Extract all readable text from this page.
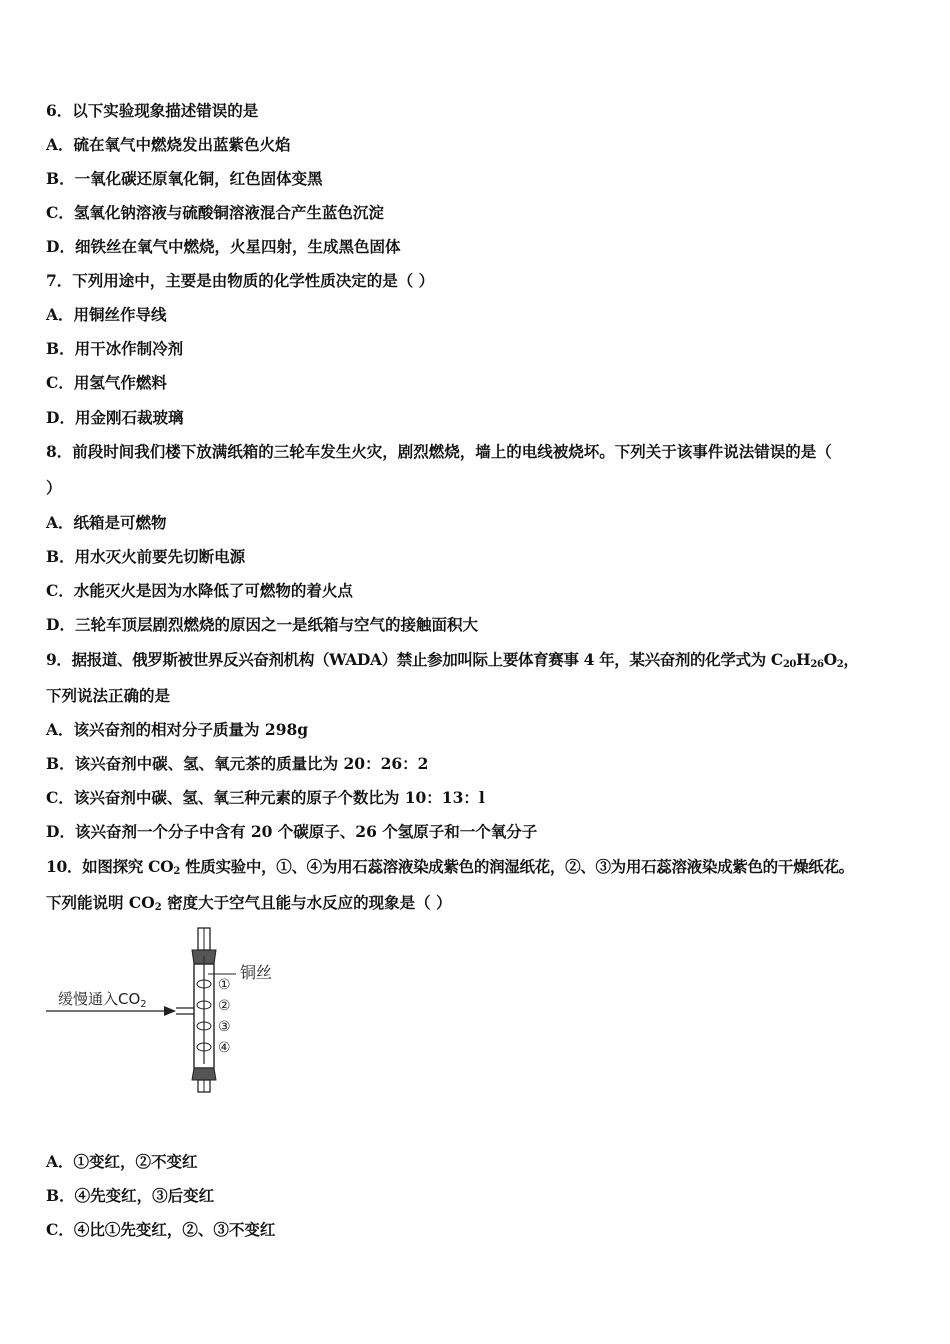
6．以下实验现象描述错误的是
A．硫在氧气中燃烧发出蓝紫色火焰
B．一氧化碳还原氧化铜，红色固体变黑
C．氢氧化钠溶液与硫酸铜溶液混合产生蓝色沉淀
D．细铁丝在氧气中燃烧，火星四射，生成黑色固体
7．下列用途中，主要是由物质的化学性质决定的是（ ）
A．用铜丝作导线
B．用干冰作制冷剂
C．用氢气作燃料
D．用金刚石裁玻璃
8．前段时间我们楼下放满纸箱的三轮车发生火灾，剧烈燃烧，墙上的电线被烧坏。下列关于该事件说法错误的是（
）
A．纸箱是可燃物
B．用水灭火前要先切断电源
C．水能灭火是因为水降低了可燃物的着火点
D．三轮车顶层剧烈燃烧的原因之一是纸箱与空气的接触面积大
9．据报道、俄罗斯被世界反兴奋剂机构（WADA）禁止参加叫际上要体育赛事 4 年，某兴奋剂的化学式为 $C_{20}H_{26}O_2$，
下列说法正确的是
A．该兴奋剂的相对分子质量为 298g
B．该兴奋剂中碳、氢、氧元茶的质量比为 20：26：2
C．该兴奋剂中碳、氢、氧三种元素的原子个数比为 10：13：l
D．该兴奋剂一个分子中含有 20 个碳原子、26 个氢原子和一个氧分子
10．如图探究 $CO_2$ 性质实验中，①、④为用石蕊溶液染成紫色的润湿纸花，②、③为用石蕊溶液染成紫色的干燥纸花。
下列能说明 $CO_2$ 密度大于空气且能与水反应的现象是（ ）
缓慢通入$CO_2$
铜丝
①
②
③
④
A．①变红，②不变红
B．④先变红，③后变红
C．④比①先变红，②、③不变红
